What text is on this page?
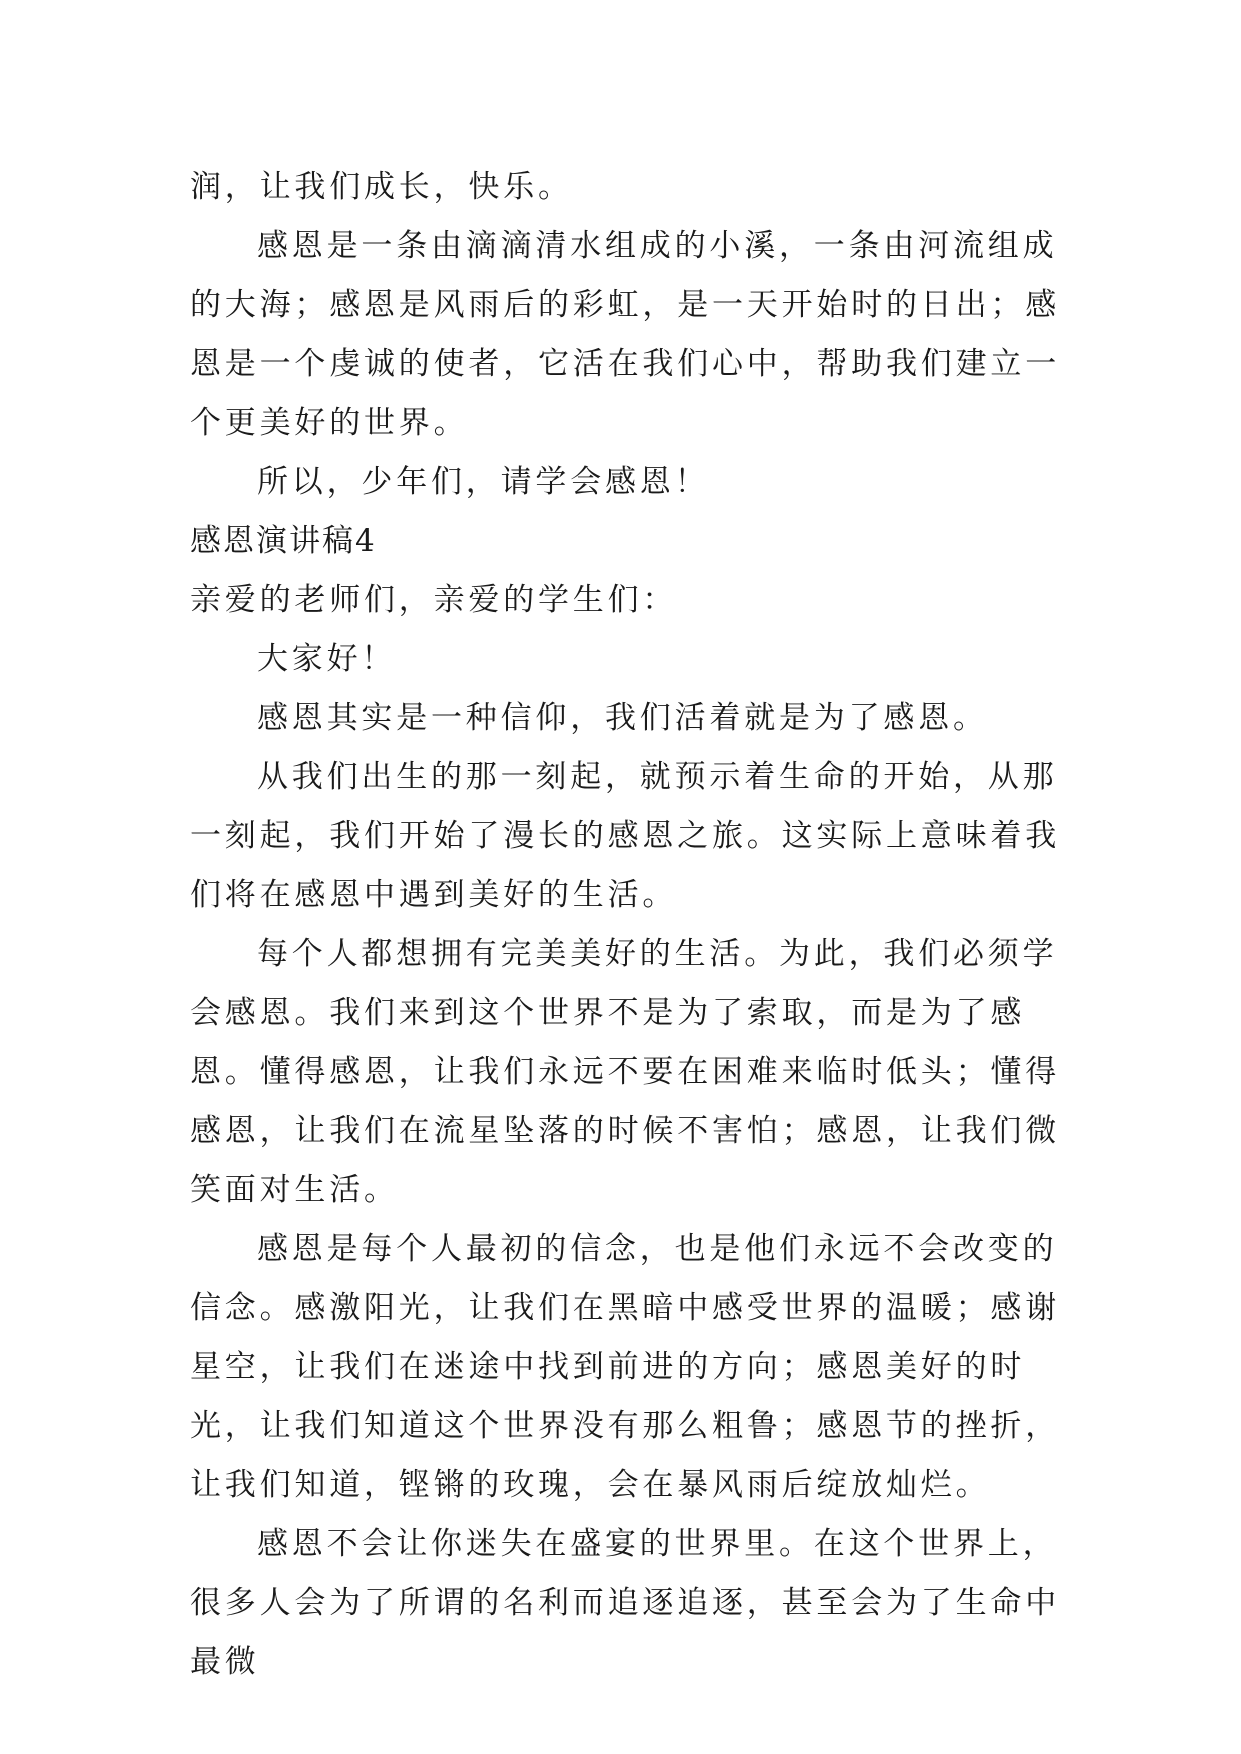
润，让我们成长，快乐。

感恩是一条由滴滴清水组成的小溪，一条由河流组成的大海；感恩是风雨后的彩虹，是一天开始时的日出；感恩是一个虔诚的使者，它活在我们心中，帮助我们建立一个更美好的世界。

所以，少年们，请学会感恩！

感恩演讲稿4

亲爱的老师们，亲爱的学生们：

大家好！

感恩其实是一种信仰，我们活着就是为了感恩。

从我们出生的那一刻起，就预示着生命的开始，从那一刻起，我们开始了漫长的感恩之旅。这实际上意味着我们将在感恩中遇到美好的生活。

每个人都想拥有完美美好的生活。为此，我们必须学会感恩。我们来到这个世界不是为了索取，而是为了感恩。懂得感恩，让我们永远不要在困难来临时低头；懂得感恩，让我们在流星坠落的时候不害怕；感恩，让我们微笑面对生活。

感恩是每个人最初的信念，也是他们永远不会改变的信念。感激阳光，让我们在黑暗中感受世界的温暖；感谢星空，让我们在迷途中找到前进的方向；感恩美好的时光，让我们知道这个世界没有那么粗鲁；感恩节的挫折，让我们知道，铿锵的玫瑰，会在暴风雨后绽放灿烂。

感恩不会让你迷失在盛宴的世界里。在这个世界上，很多人会为了所谓的名利而追逐追逐，甚至会为了生命中最微
